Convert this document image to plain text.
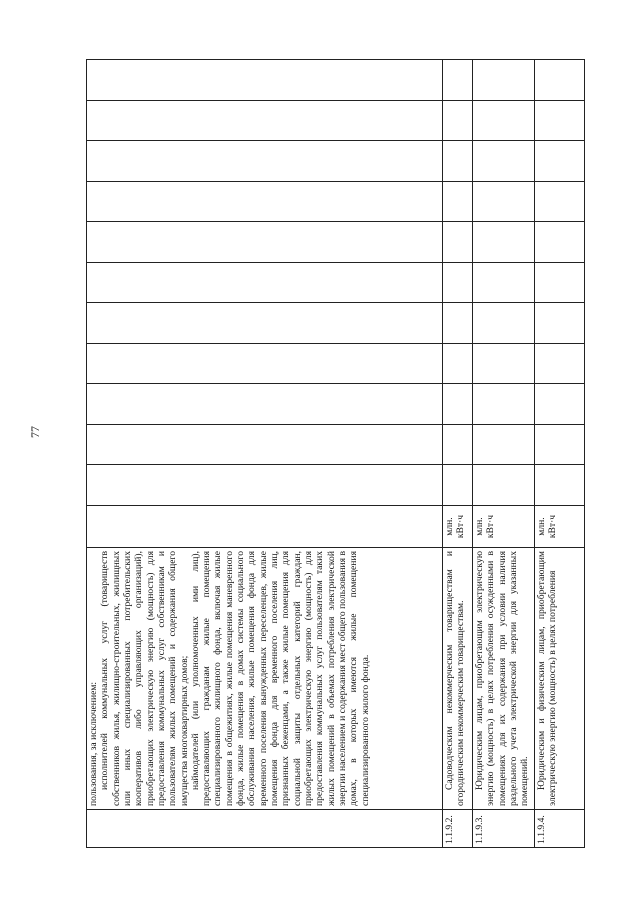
77

	пользования, за исключением: исполнителей коммунальных услуг (товариществ собственников жилья, жилищно-строительных, жилищных или иных специализированных потребительских кооперативов либо управляющих организаций), приобретающих электрическую энергию (мощность) для предоставления коммунальных услуг собственникам и пользователям жилых помещений и содержания общего имущества многоквартирных домов; наймодателей (или уполномоченных ими лиц), предоставляющих гражданам жилые помещения специализированного жилищного фонда, включая жилые помещения в общежитиях, жилые помещения маневренного фонда, жилые помещения в домах системы социального обслуживания населения, жилые помещения фонда для временного поселения вынужденных переселенцев, жилые помещения фонда для временного поселения лиц, признанных беженцами, а также жилые помещения для социальной защиты отдельных категорий граждан, приобретающих электрическую энергию (мощность) для предоставления коммунальных услуг пользователям таких жилых помещений в объемах потребления электрической энергии населением и содержания мест общего пользования в домах, в которых имеются жилые помещения специализированного жилого фонда.												

1.1.9.2.	Садоводческим некоммерческим товариществам и огородническим некоммерческим товариществам.	млн. кВт·ч											
1.1.9.3.	Юридическим лицам, приобретающим электрическую энергию (мощность) в целях потребления осужденными в помещениях для их содержания при условии наличия раздельного учета электрической энергии для указанных помещений.	млн. кВт·ч											
1.1.9.4.	Юридическим и физическим лицам, приобретающим электрическую энергию (мощность) в целях потребления	млн. кВт·ч											
